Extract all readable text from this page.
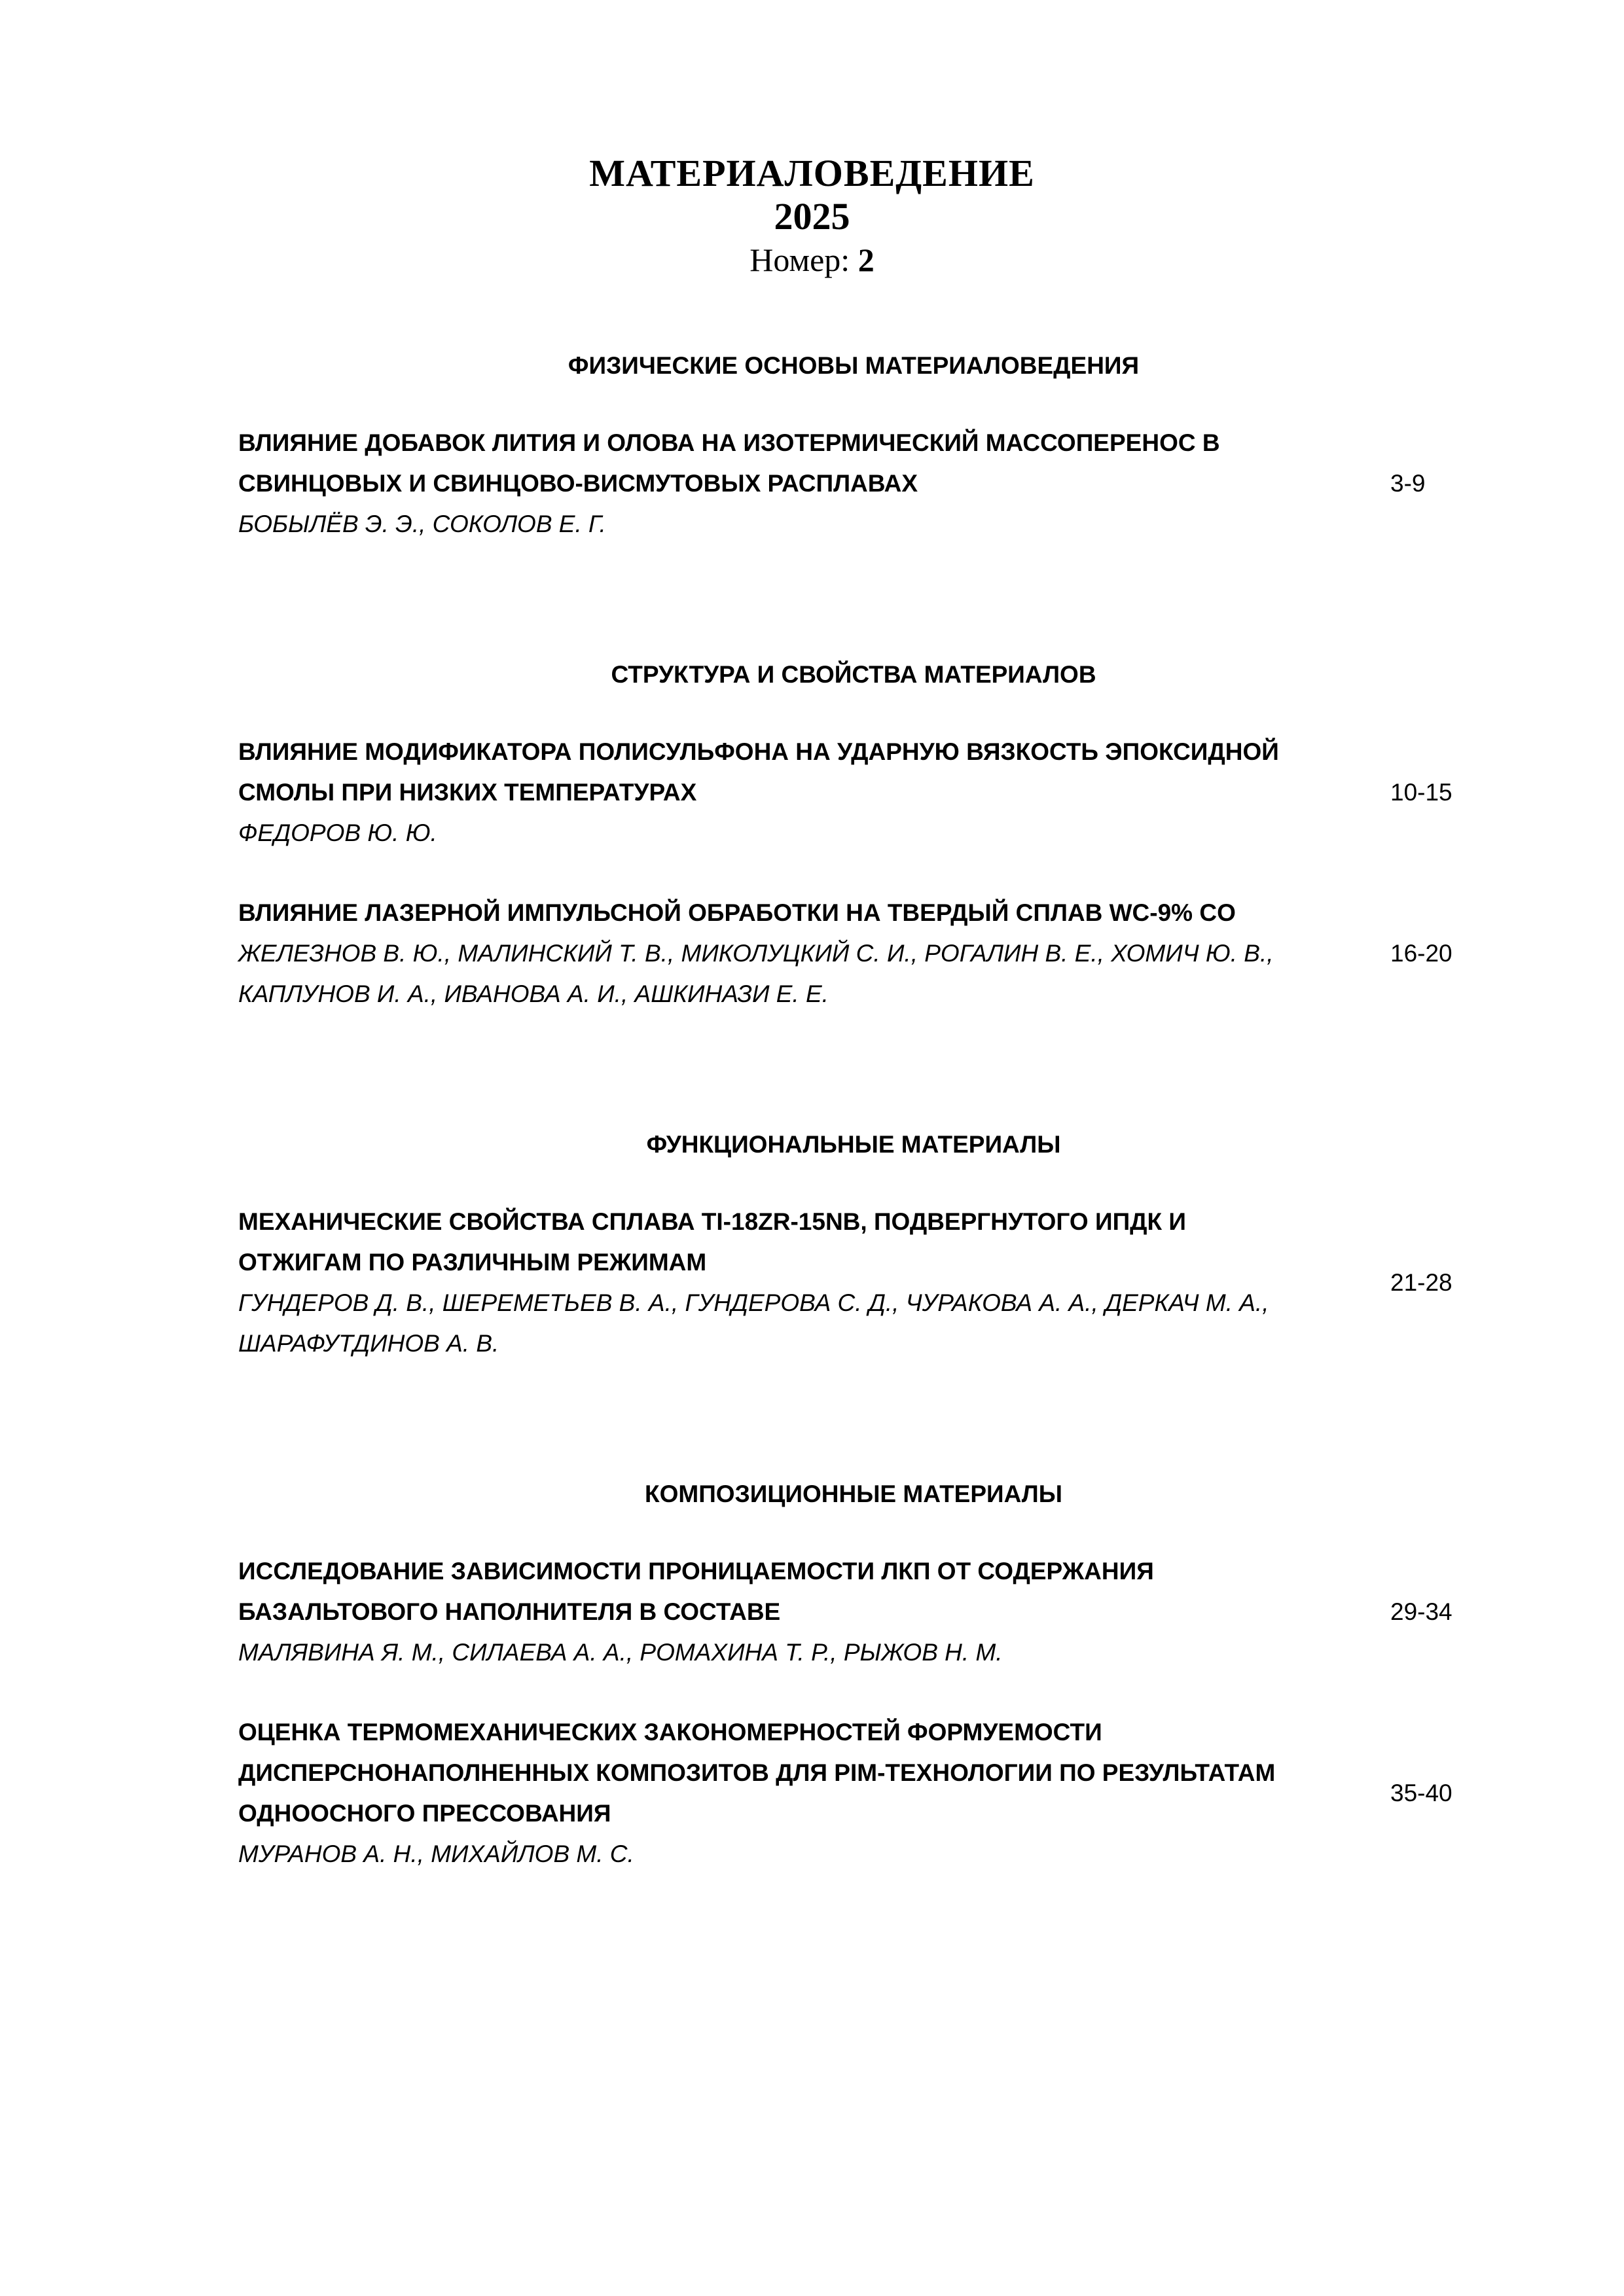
МАТЕРИАЛОВЕДЕНИЕ
2025
Номер: 2
ФИЗИЧЕСКИЕ ОСНОВЫ МАТЕРИАЛОВЕДЕНИЯ
ВЛИЯНИЕ ДОБАВОК ЛИТИЯ И ОЛОВА НА ИЗОТЕРМИЧЕСКИЙ МАССОПЕРЕНОС В
СВИНЦОВЫХ И СВИНЦОВО-ВИСМУТОВЫХ РАСПЛАВАХ
БОБЫЛЁВ Э. Э., СОКОЛОВ Е. Г.
3-9
СТРУКТУРА И СВОЙСТВА МАТЕРИАЛОВ
ВЛИЯНИЕ МОДИФИКАТОРА ПОЛИСУЛЬФОНА НА УДАРНУЮ ВЯЗКОСТЬ ЭПОКСИДНОЙ
СМОЛЫ ПРИ НИЗКИХ ТЕМПЕРАТУРАХ
ФЕДОРОВ Ю. Ю.
10-15
ВЛИЯНИЕ ЛАЗЕРНОЙ ИМПУЛЬСНОЙ ОБРАБОТКИ НА ТВЕРДЫЙ СПЛАВ WC-9% CO
ЖЕЛЕЗНОВ В. Ю., МАЛИНСКИЙ Т. В., МИКОЛУЦКИЙ С. И., РОГАЛИН В. Е., ХОМИЧ Ю. В.,
КАПЛУНОВ И. А., ИВАНОВА А. И., АШКИНАЗИ Е. Е.
16-20
ФУНКЦИОНАЛЬНЫЕ МАТЕРИАЛЫ
МЕХАНИЧЕСКИЕ СВОЙСТВА СПЛАВА TI-18ZR-15NB, ПОДВЕРГНУТОГО ИПДК И
ОТЖИГАМ ПО РАЗЛИЧНЫМ РЕЖИМАМ
ГУНДЕРОВ Д. В., ШЕРЕМЕТЬЕВ В. А., ГУНДЕРОВА С. Д., ЧУРАКОВА А. А., ДЕРКАЧ М. А.,
ШАРАФУТДИНОВ А. В.
21-28
КОМПОЗИЦИОННЫЕ МАТЕРИАЛЫ
ИССЛЕДОВАНИЕ ЗАВИСИМОСТИ ПРОНИЦАЕМОСТИ ЛКП ОТ СОДЕРЖАНИЯ
БАЗАЛЬТОВОГО НАПОЛНИТЕЛЯ В СОСТАВЕ
МАЛЯВИНА Я. М., СИЛАЕВА А. А., РОМАХИНА Т. Р., РЫЖОВ Н. М.
29-34
ОЦЕНКА ТЕРМОМЕХАНИЧЕСКИХ ЗАКОНОМЕРНОСТЕЙ ФОРМУЕМОСТИ
ДИСПЕРСНОНАПОЛНЕННЫХ КОМПОЗИТОВ ДЛЯ PIM-ТЕХНОЛОГИИ ПО РЕЗУЛЬТАТАМ
ОДНООСНОГО ПРЕССОВАНИЯ
МУРАНОВ А. Н., МИХАЙЛОВ М. С.
35-40
